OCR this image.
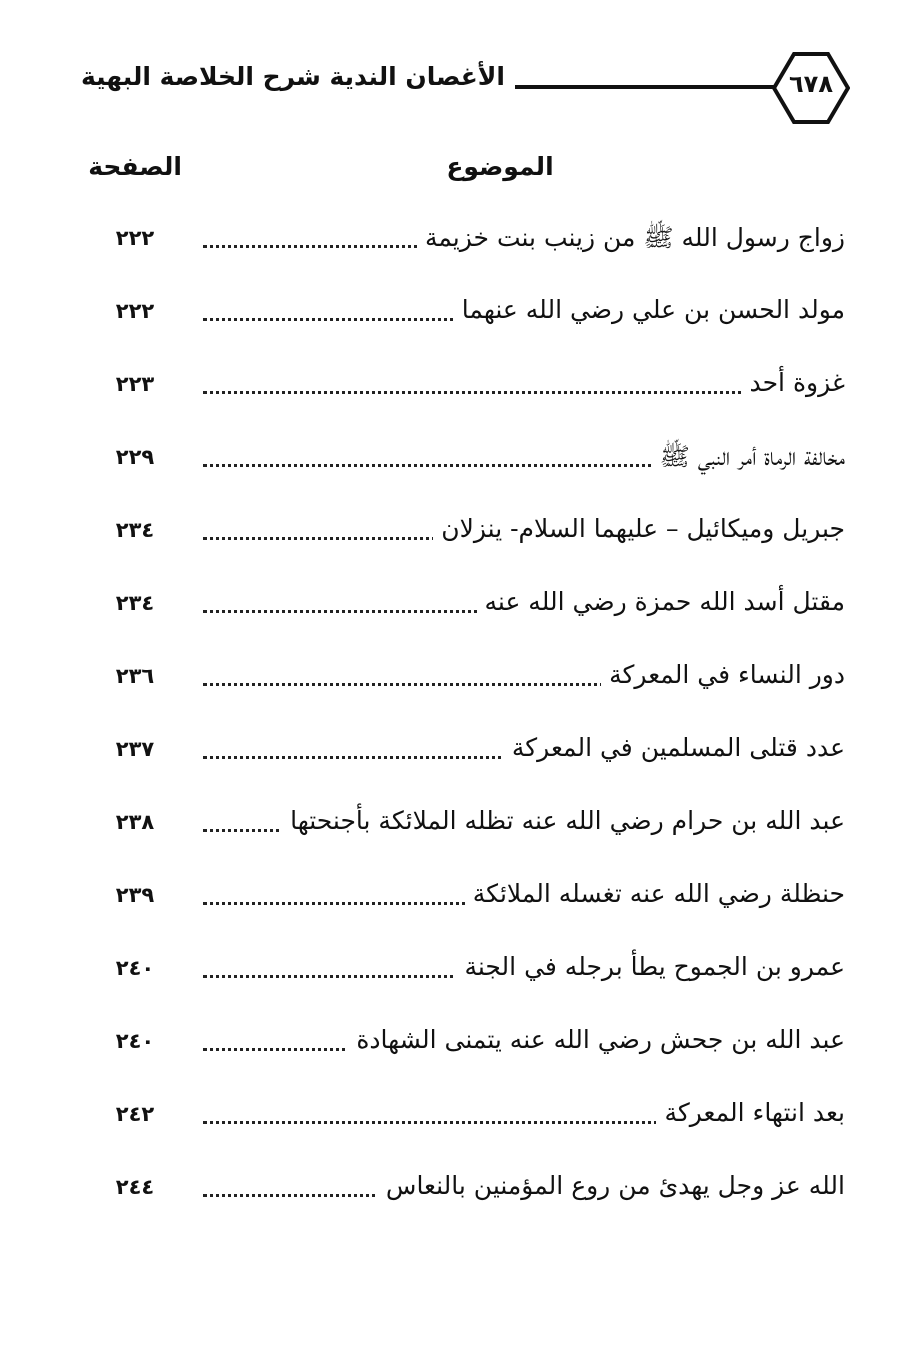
الأغصان الندية شرح الخلاصة البهية	٦٧٨
الموضوع
الصفحة
زواج رسول الله ﷺ من زينب بنت خزيمة
٢٢٢
مولد الحسن بن علي رضي الله عنهما
٢٢٢
غزوة أحد
٢٢٣
مخالفة الرماة أمر النبي ﷺ
٢٢٩
جبريل وميكائيل – عليهما السلام- ينزلان
٢٣٤
مقتل أسد الله حمزة رضي الله عنه
٢٣٤
دور النساء في المعركة
٢٣٦
عدد قتلى المسلمين في المعركة
٢٣٧
عبد الله بن حرام رضي الله عنه تظله الملائكة بأجنحتها
٢٣٨
حنظلة رضي الله عنه تغسله الملائكة
٢٣٩
عمرو بن الجموح يطأ برجله في الجنة
٢٤٠
عبد الله بن جحش رضي الله عنه يتمنى الشهادة
٢٤٠
بعد انتهاء المعركة
٢٤٢
الله عز وجل يهدئ من روع المؤمنين بالنعاس
٢٤٤
